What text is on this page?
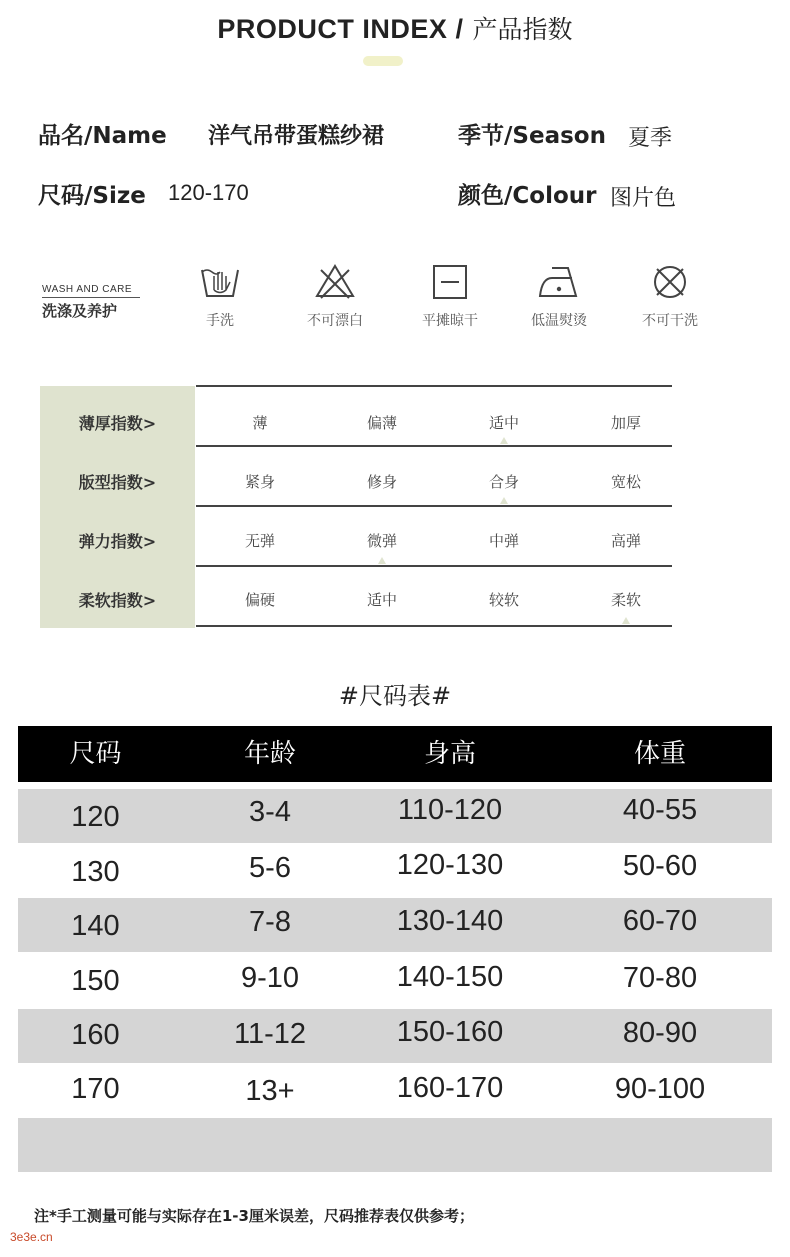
PRODUCT INDEX / 产品指数
品名/Name 洋气吊带蛋糕纱裙	季节/Season 夏季
尺码/Size 120-170	颜色/Colour 图片色
WASH AND CARE
洗涤及养护
手洗	不可漂白	平摊晾干	低温熨烫	不可干洗
薄厚指数>	薄	偏薄	适中	加厚
版型指数>	紧身	修身	合身	宽松
弹力指数>	无弹	微弹	中弹	高弹
柔软指数>	偏硬	适中	较软	柔软
#尺码表#
尺码	年龄	身高	体重
120	3-4	110-120	40-55
130	5-6	120-130	50-60
140	7-8	130-140	60-70
150	9-10	140-150	70-80
160	11-12	150-160	80-90
170	13+	160-170	90-100
注*手工测量可能与实际存在1-3厘米误差，尺码推荐表仅供参考；
3e3e.cn
